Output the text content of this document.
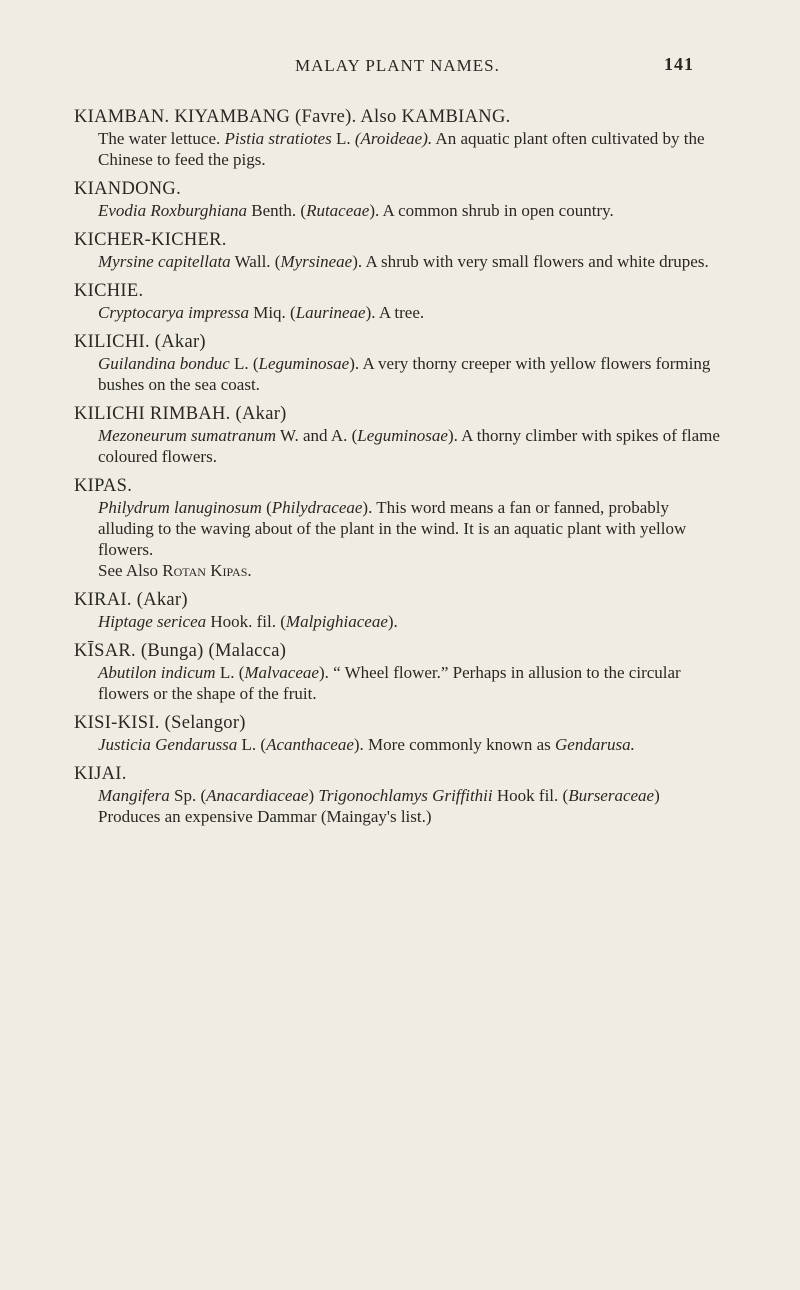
MALAY PLANT NAMES.	141
KIAMBAN. KIYAMBANG (Favre). Also KAMBIANG.
The water lettuce. Pistia stratiotes L. (Aroideae). An aquatic plant often cultivated by the Chinese to feed the pigs.
KIANDONG.
Evodia Roxburghiana Benth. (Rutaceae). A common shrub in open country.
KICHER-KICHER.
Myrsine capitellata Wall. (Myrsineae). A shrub with very small flowers and white drupes.
KICHIE.
Cryptocarya impressa Miq. (Laurineae). A tree.
KILICHI. (Akar)
Guilandina bonduc L. (Leguminosae). A very thorny creeper with yellow flowers forming bushes on the sea coast.
KILICHI RIMBAH. (Akar)
Mezoneurum sumatranum W. and A. (Leguminosae). A thorny climber with spikes of flame coloured flowers.
KIPAS.
Philydrum lanuginosum (Philydraceae). This word means a fan or fanned, probably alluding to the waving about of the plant in the wind. It is an aquatic plant with yellow flowers.
See Also Rotan Kipas.
KIRAI. (Akar)
Hiptage sericea Hook. fil. (Malpighiaceae).
KĪSAR. (Bunga) (Malacca)
Abutilon indicum L. (Malvaceae). “ Wheel flower.” Perhaps in allusion to the circular flowers or the shape of the fruit.
KISI-KISI. (Selangor)
Justicia Gendarussa L. (Acanthaceae). More commonly known as Gendarusa.
KIJAI.
Mangifera Sp. (Anacardiaceae) Trigonochlamys Griffithii Hook fil. (Burseraceae) Produces an expensive Dammar (Maingay's list.)
